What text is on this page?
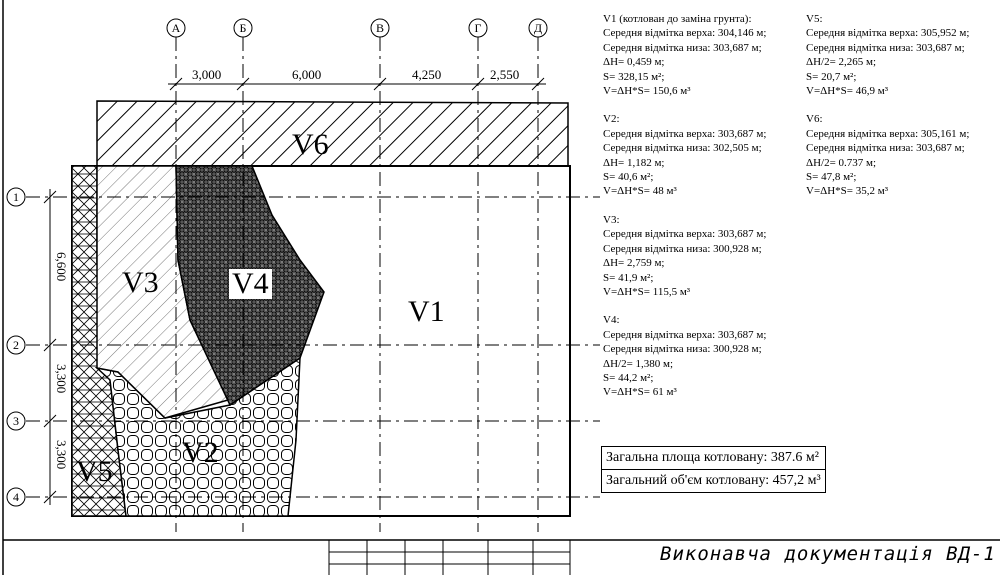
А	Б	В	Г	Д
1
2
3
4
3,000	6,000	4,250	2,550
6,600
3,300
3,300
V6
V1
V3 V4
V2
V5
V1 (котлован до заміна грунта):
Середня відмітка верха: 304,146 м;
Середня відмітка низа: 303,687 м;
ΔH= 0,459 м;
S= 328,15 м²;
V=ΔH*S= 150,6 м³
V2:
Середня відмітка верха: 303,687 м;
Середня відмітка низа: 302,505 м;
ΔH= 1,182 м;
S= 40,6 м²;
V=ΔH*S= 48 м³
V3:
Середня відмітка верха: 303,687 м;
Середня відмітка низа: 300,928 м;
ΔH= 2,759 м;
S= 41,9 м²;
V=ΔH*S= 115,5 м³
V4:
Середня відмітка верха: 303,687 м;
Середня відмітка низа: 300,928 м;
ΔH/2= 1,380 м;
S= 44,2 м²;
V=ΔH*S= 61 м³
V5:
Середня відмітка верха: 305,952 м;
Середня відмітка низа: 303,687 м;
ΔH/2= 2,265 м;
S= 20,7 м²;
V=ΔH*S= 46,9 м³
V6:
Середня відмітка верха: 305,161 м;
Середня відмітка низа: 303,687 м;
ΔH/2= 0.737 м;
S= 47,8 м²;
V=ΔH*S= 35,2 м³
Загальна площа котловану: 387.6 м²
Загальний об'єм котловану: 457,2 м³
Виконавча документація ВД-1
